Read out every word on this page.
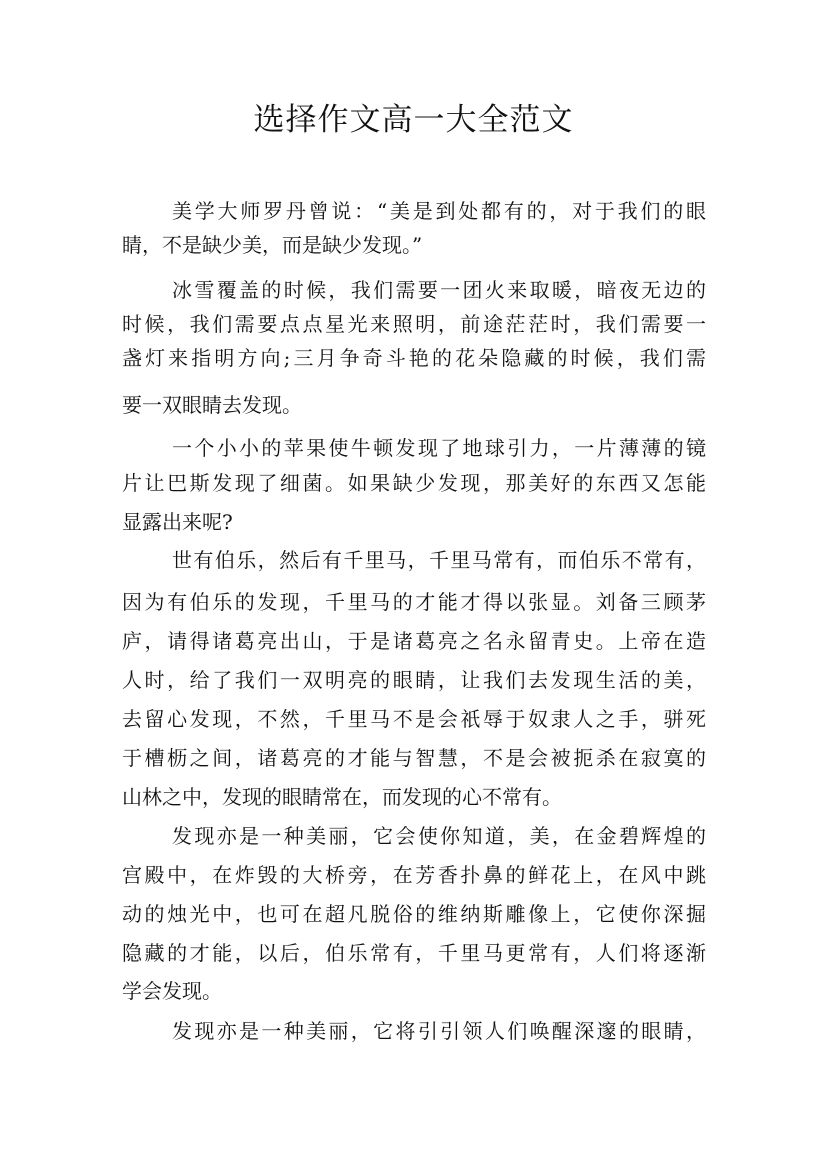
选择作文高一大全范文
美学大师罗丹曾说：“美是到处都有的，对于我们的眼
睛，不是缺少美，而是缺少发现。”
冰雪覆盖的时候，我们需要一团火来取暖，暗夜无边的
时候，我们需要点点星光来照明，前途茫茫时，我们需要一
盏灯来指明方向;三月争奇斗艳的花朵隐藏的时候，我们需
要一双眼睛去发现。
一个小小的苹果使牛顿发现了地球引力，一片薄薄的镜
片让巴斯发现了细菌。如果缺少发现，那美好的东西又怎能
显露出来呢?
世有伯乐，然后有千里马，千里马常有，而伯乐不常有，
因为有伯乐的发现，千里马的才能才得以张显。刘备三顾茅
庐，请得诸葛亮出山，于是诸葛亮之名永留青史。上帝在造
人时，给了我们一双明亮的眼睛，让我们去发现生活的美，
去留心发现，不然，千里马不是会祇辱于奴隶人之手，骈死
于槽枥之间，诸葛亮的才能与智慧，不是会被扼杀在寂寞的
山林之中，发现的眼睛常在，而发现的心不常有。
发现亦是一种美丽，它会使你知道，美，在金碧辉煌的
宫殿中，在炸毁的大桥旁，在芳香扑鼻的鲜花上，在风中跳
动的烛光中，也可在超凡脱俗的维纳斯雕像上，它使你深掘
隐藏的才能，以后，伯乐常有，千里马更常有，人们将逐渐
学会发现。
发现亦是一种美丽，它将引引领人们唤醒深邃的眼睛，
